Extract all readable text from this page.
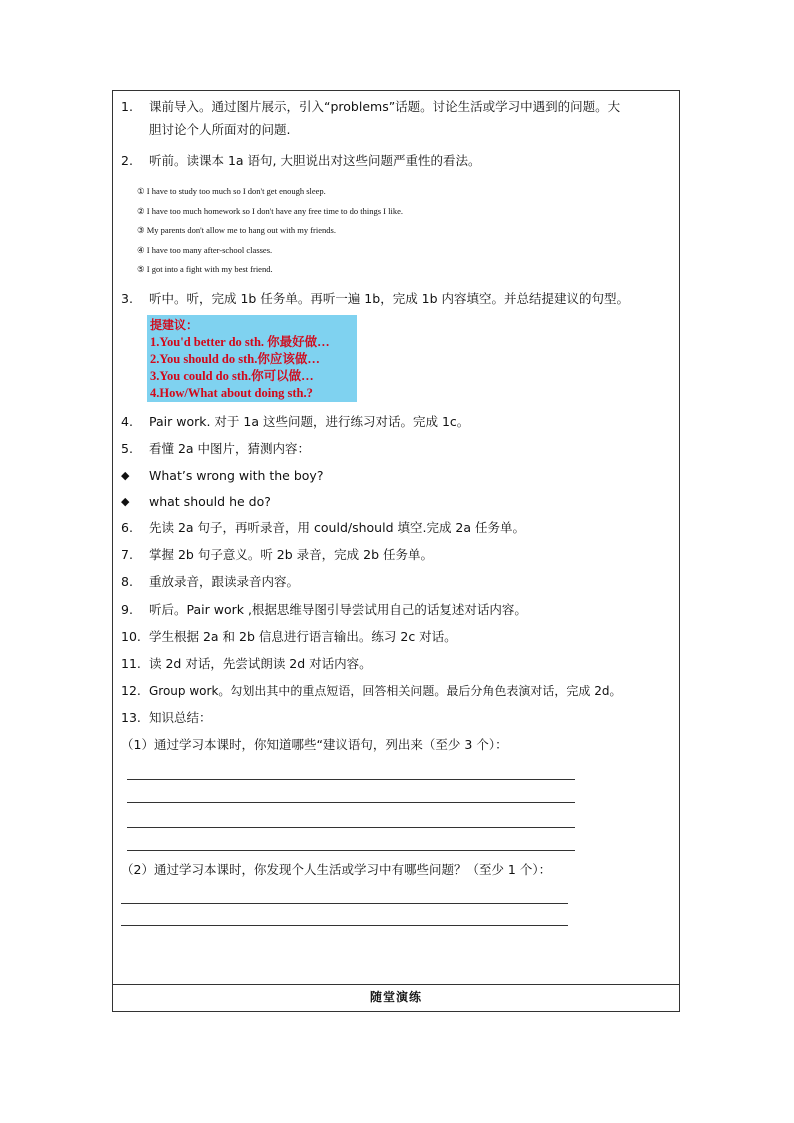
1.	课前导入。通过图片展示，引入“problems”话题。讨论生活或学习中遇到的问题。大
胆讨论个人所面对的问题.
2.	听前。读课本 1a 语句, 大胆说出对这些问题严重性的看法。
① I have to study too much so I don't get enough sleep.
② I have too much homework so I don't have any free time to do things I like.
③ My parents don't allow me to hang out with my friends.
④ I have too many after-school classes.
⑤ I got into a fight with my best friend.
3.	听中。听，完成 1b 任务单。再听一遍 1b，完成 1b 内容填空。并总结提建议的句型。
提建议：
1.You'd better do sth. 你最好做…
2.You should do sth.你应该做…
3.You could do sth.你可以做…
4.How/What about doing sth.?
4.	Pair work. 对于 1a 这些问题，进行练习对话。完成 1c。
5.	看懂 2a 中图片，猜测内容：
◆ What’s wrong with the boy?
◆ what should he do?
6.	先读 2a 句子，再听录音，用 could/should 填空.完成 2a 任务单。
7.	掌握 2b 句子意义。听 2b 录音，完成 2b 任务单。
8.	重放录音，跟读录音内容。
9.	听后。Pair work ,根据思维导图引导尝试用自己的话复述对话内容。
10. 学生根据 2a 和 2b 信息进行语言输出。练习 2c 对话。
11. 读 2d 对话，先尝试朗读 2d 对话内容。
12. Group work。勾划出其中的重点短语，回答相关问题。最后分角色表演对话，完成 2d。
13. 知识总结：
（1）通过学习本课时，你知道哪些“建议语句，列出来（至少 3 个）：
（2）通过学习本课时，你发现个人生活或学习中有哪些问题？（至少 1 个）：
随堂演练
